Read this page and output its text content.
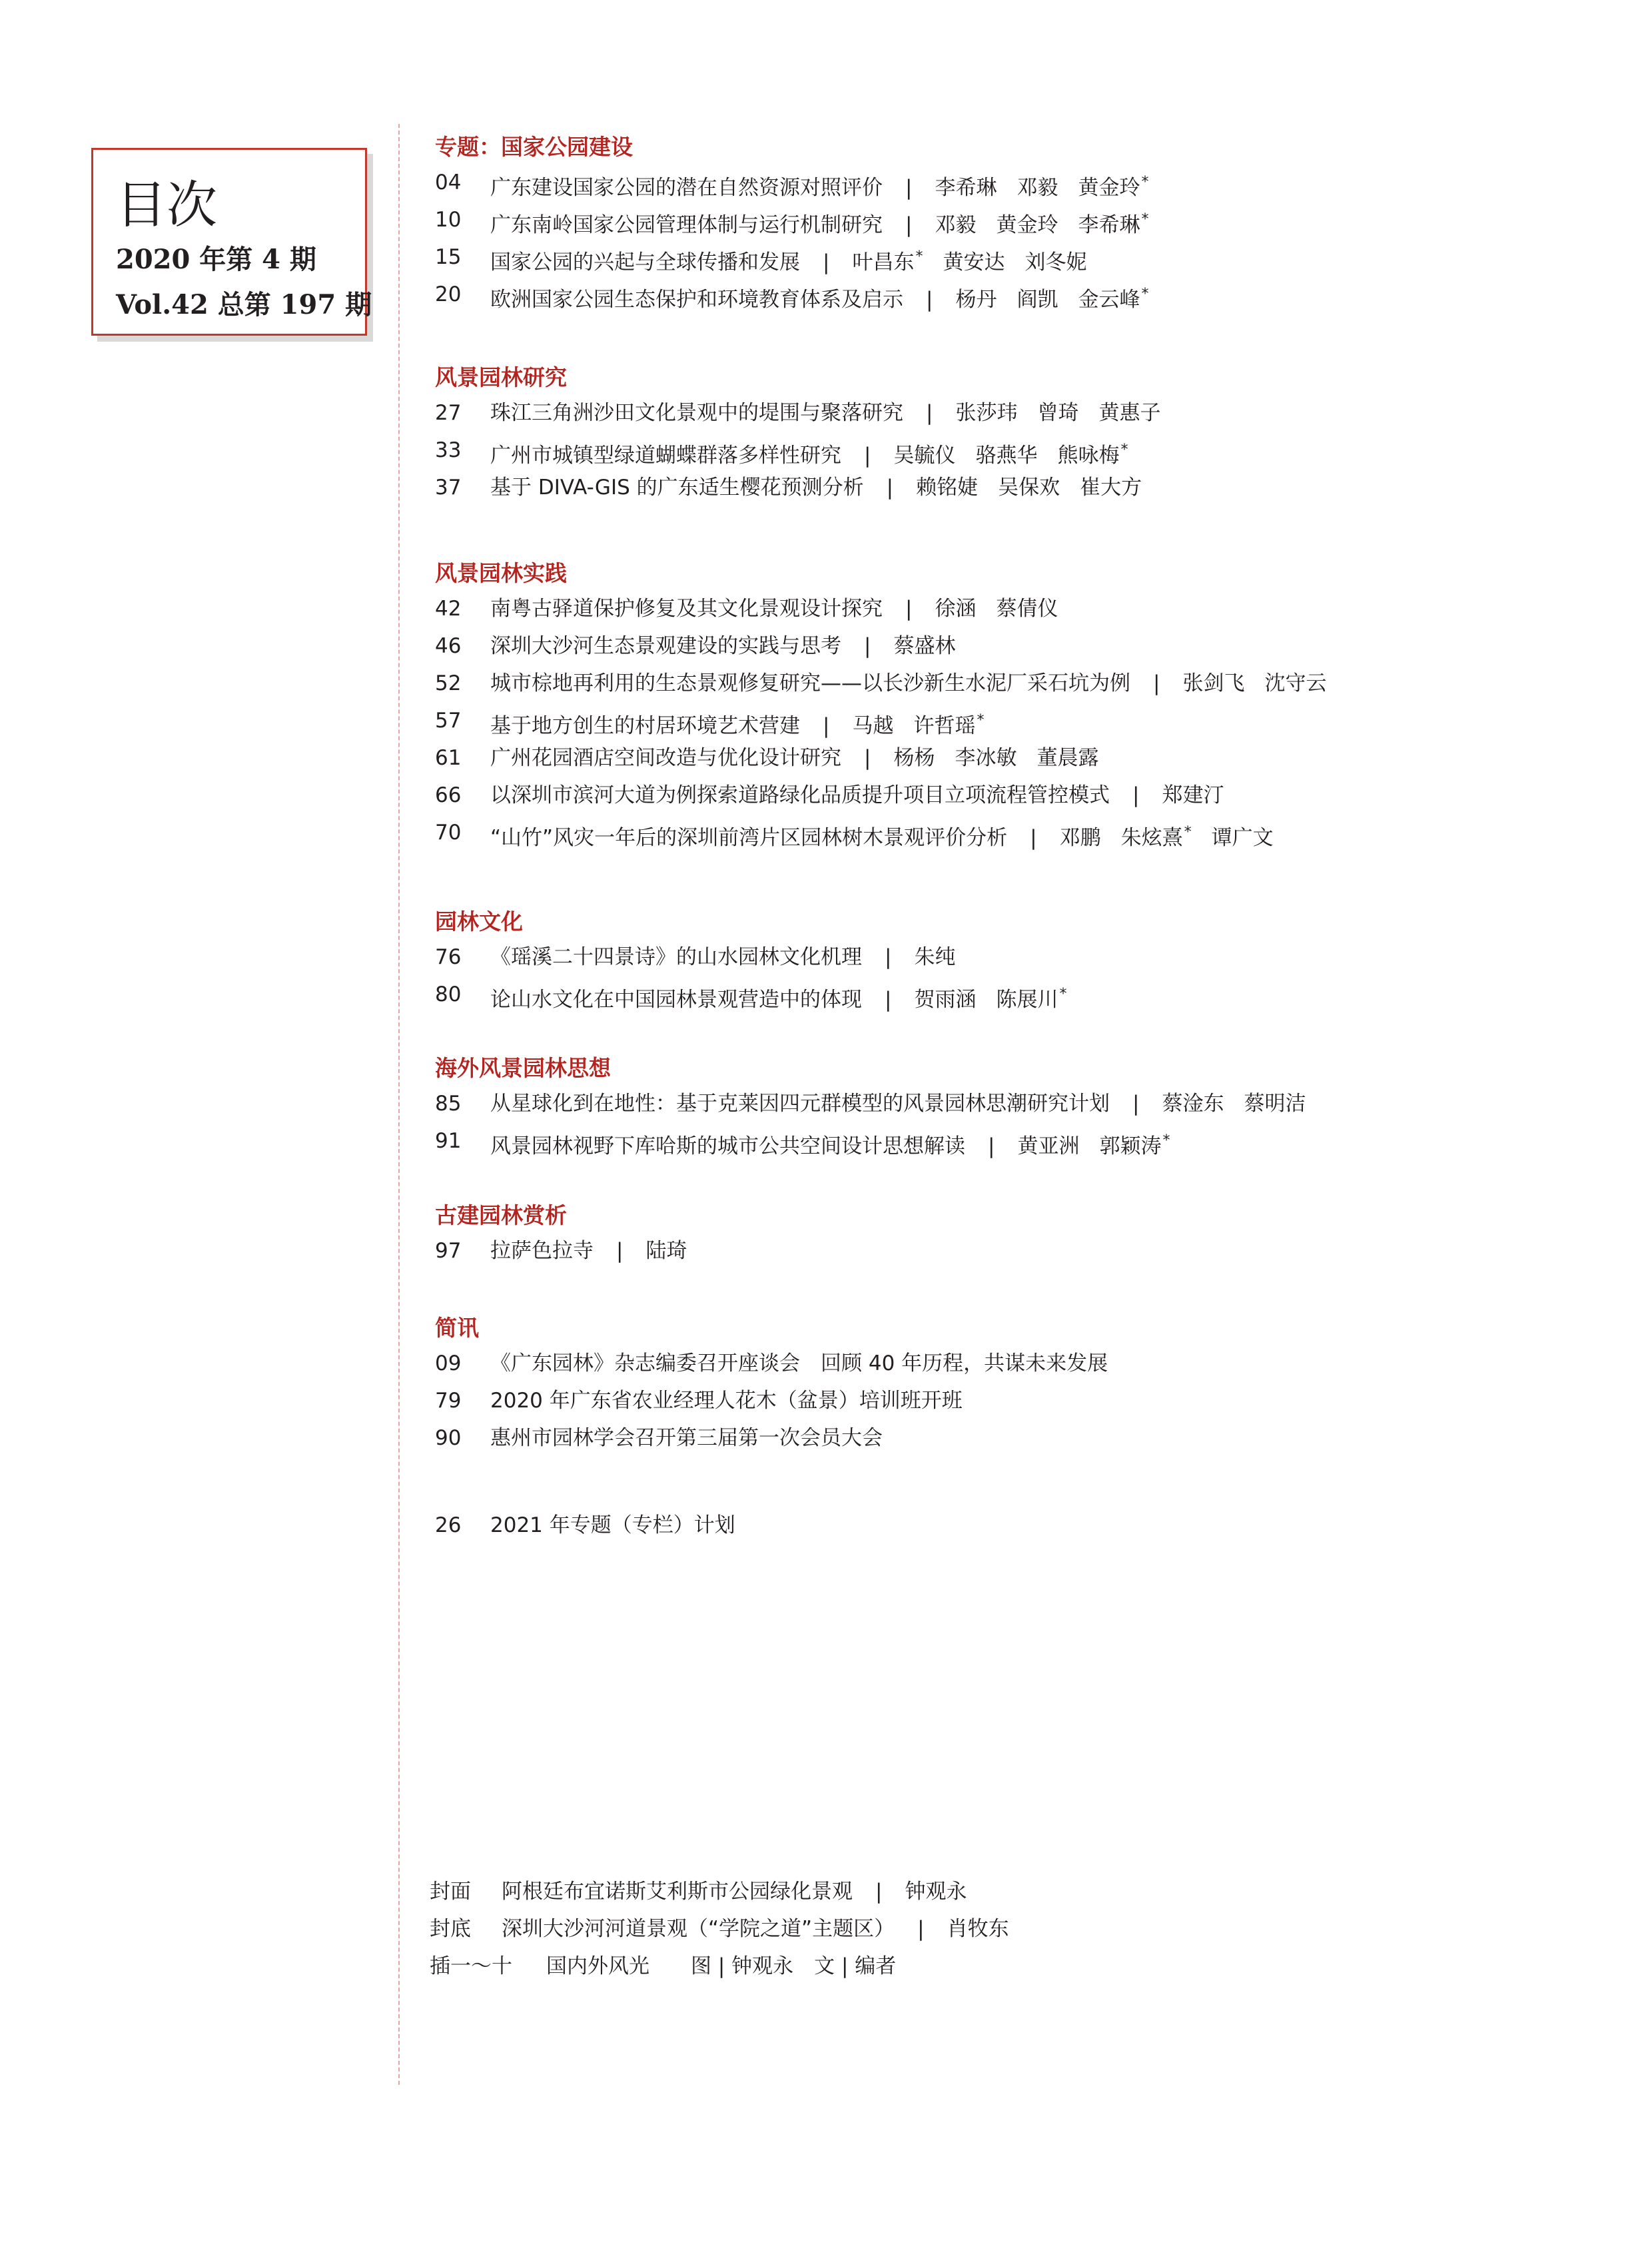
目次
2020 年第 4 期
Vol.42 总第 197 期
专题：国家公园建设
04	广东建设国家公园的潜在自然资源对照评价 | 李希琳 邓毅 黄金玲*
10	广东南岭国家公园管理体制与运行机制研究 | 邓毅 黄金玲 李希琳*
15	国家公园的兴起与全球传播和发展 | 叶昌东* 黄安达 刘冬妮
20	欧洲国家公园生态保护和环境教育体系及启示 | 杨丹 阎凯 金云峰*
风景园林研究
27	珠江三角洲沙田文化景观中的堤围与聚落研究 | 张莎玮 曾琦 黄惠子
33	广州市城镇型绿道蝴蝶群落多样性研究 | 吴毓仪 骆燕华 熊咏梅*
37	基于 DIVA-GIS 的广东适生樱花预测分析 | 赖铭婕 吴保欢 崔大方
风景园林实践
42	南粤古驿道保护修复及其文化景观设计探究 | 徐涵 蔡倩仪
46	深圳大沙河生态景观建设的实践与思考 | 蔡盛林
52	城市棕地再利用的生态景观修复研究——以长沙新生水泥厂采石坑为例 | 张剑飞 沈守云
57	基于地方创生的村居环境艺术营建 | 马越 许哲瑶*
61	广州花园酒店空间改造与优化设计研究 | 杨杨 李冰敏 董晨露
66	以深圳市滨河大道为例探索道路绿化品质提升项目立项流程管控模式 | 郑建汀
70	“山竹”风灾一年后的深圳前湾片区园林树木景观评价分析 | 邓鹏 朱炫熹* 谭广文
园林文化
76	《瑶溪二十四景诗》的山水园林文化机理 | 朱纯
80	论山水文化在中国园林景观营造中的体现 | 贺雨涵 陈展川*
海外风景园林思想
85	从星球化到在地性：基于克莱因四元群模型的风景园林思潮研究计划 | 蔡淦东 蔡明洁
91	风景园林视野下库哈斯的城市公共空间设计思想解读 | 黄亚洲 郭颖涛*
古建园林赏析
97	拉萨色拉寺 | 陆琦
简讯
09	《广东园林》杂志编委召开座谈会　回顾 40 年历程，共谋未来发展
79	2020 年广东省农业经理人花木（盆景）培训班开班
90	惠州市园林学会召开第三届第一次会员大会
26	2021 年专题（专栏）计划
封面 阿根廷布宜诺斯艾利斯市公园绿化景观 | 钟观永
封底 深圳大沙河河道景观（“学院之道”主题区） | 肖牧东
插一～十 国内外风光　　图 | 钟观永　文 | 编者
